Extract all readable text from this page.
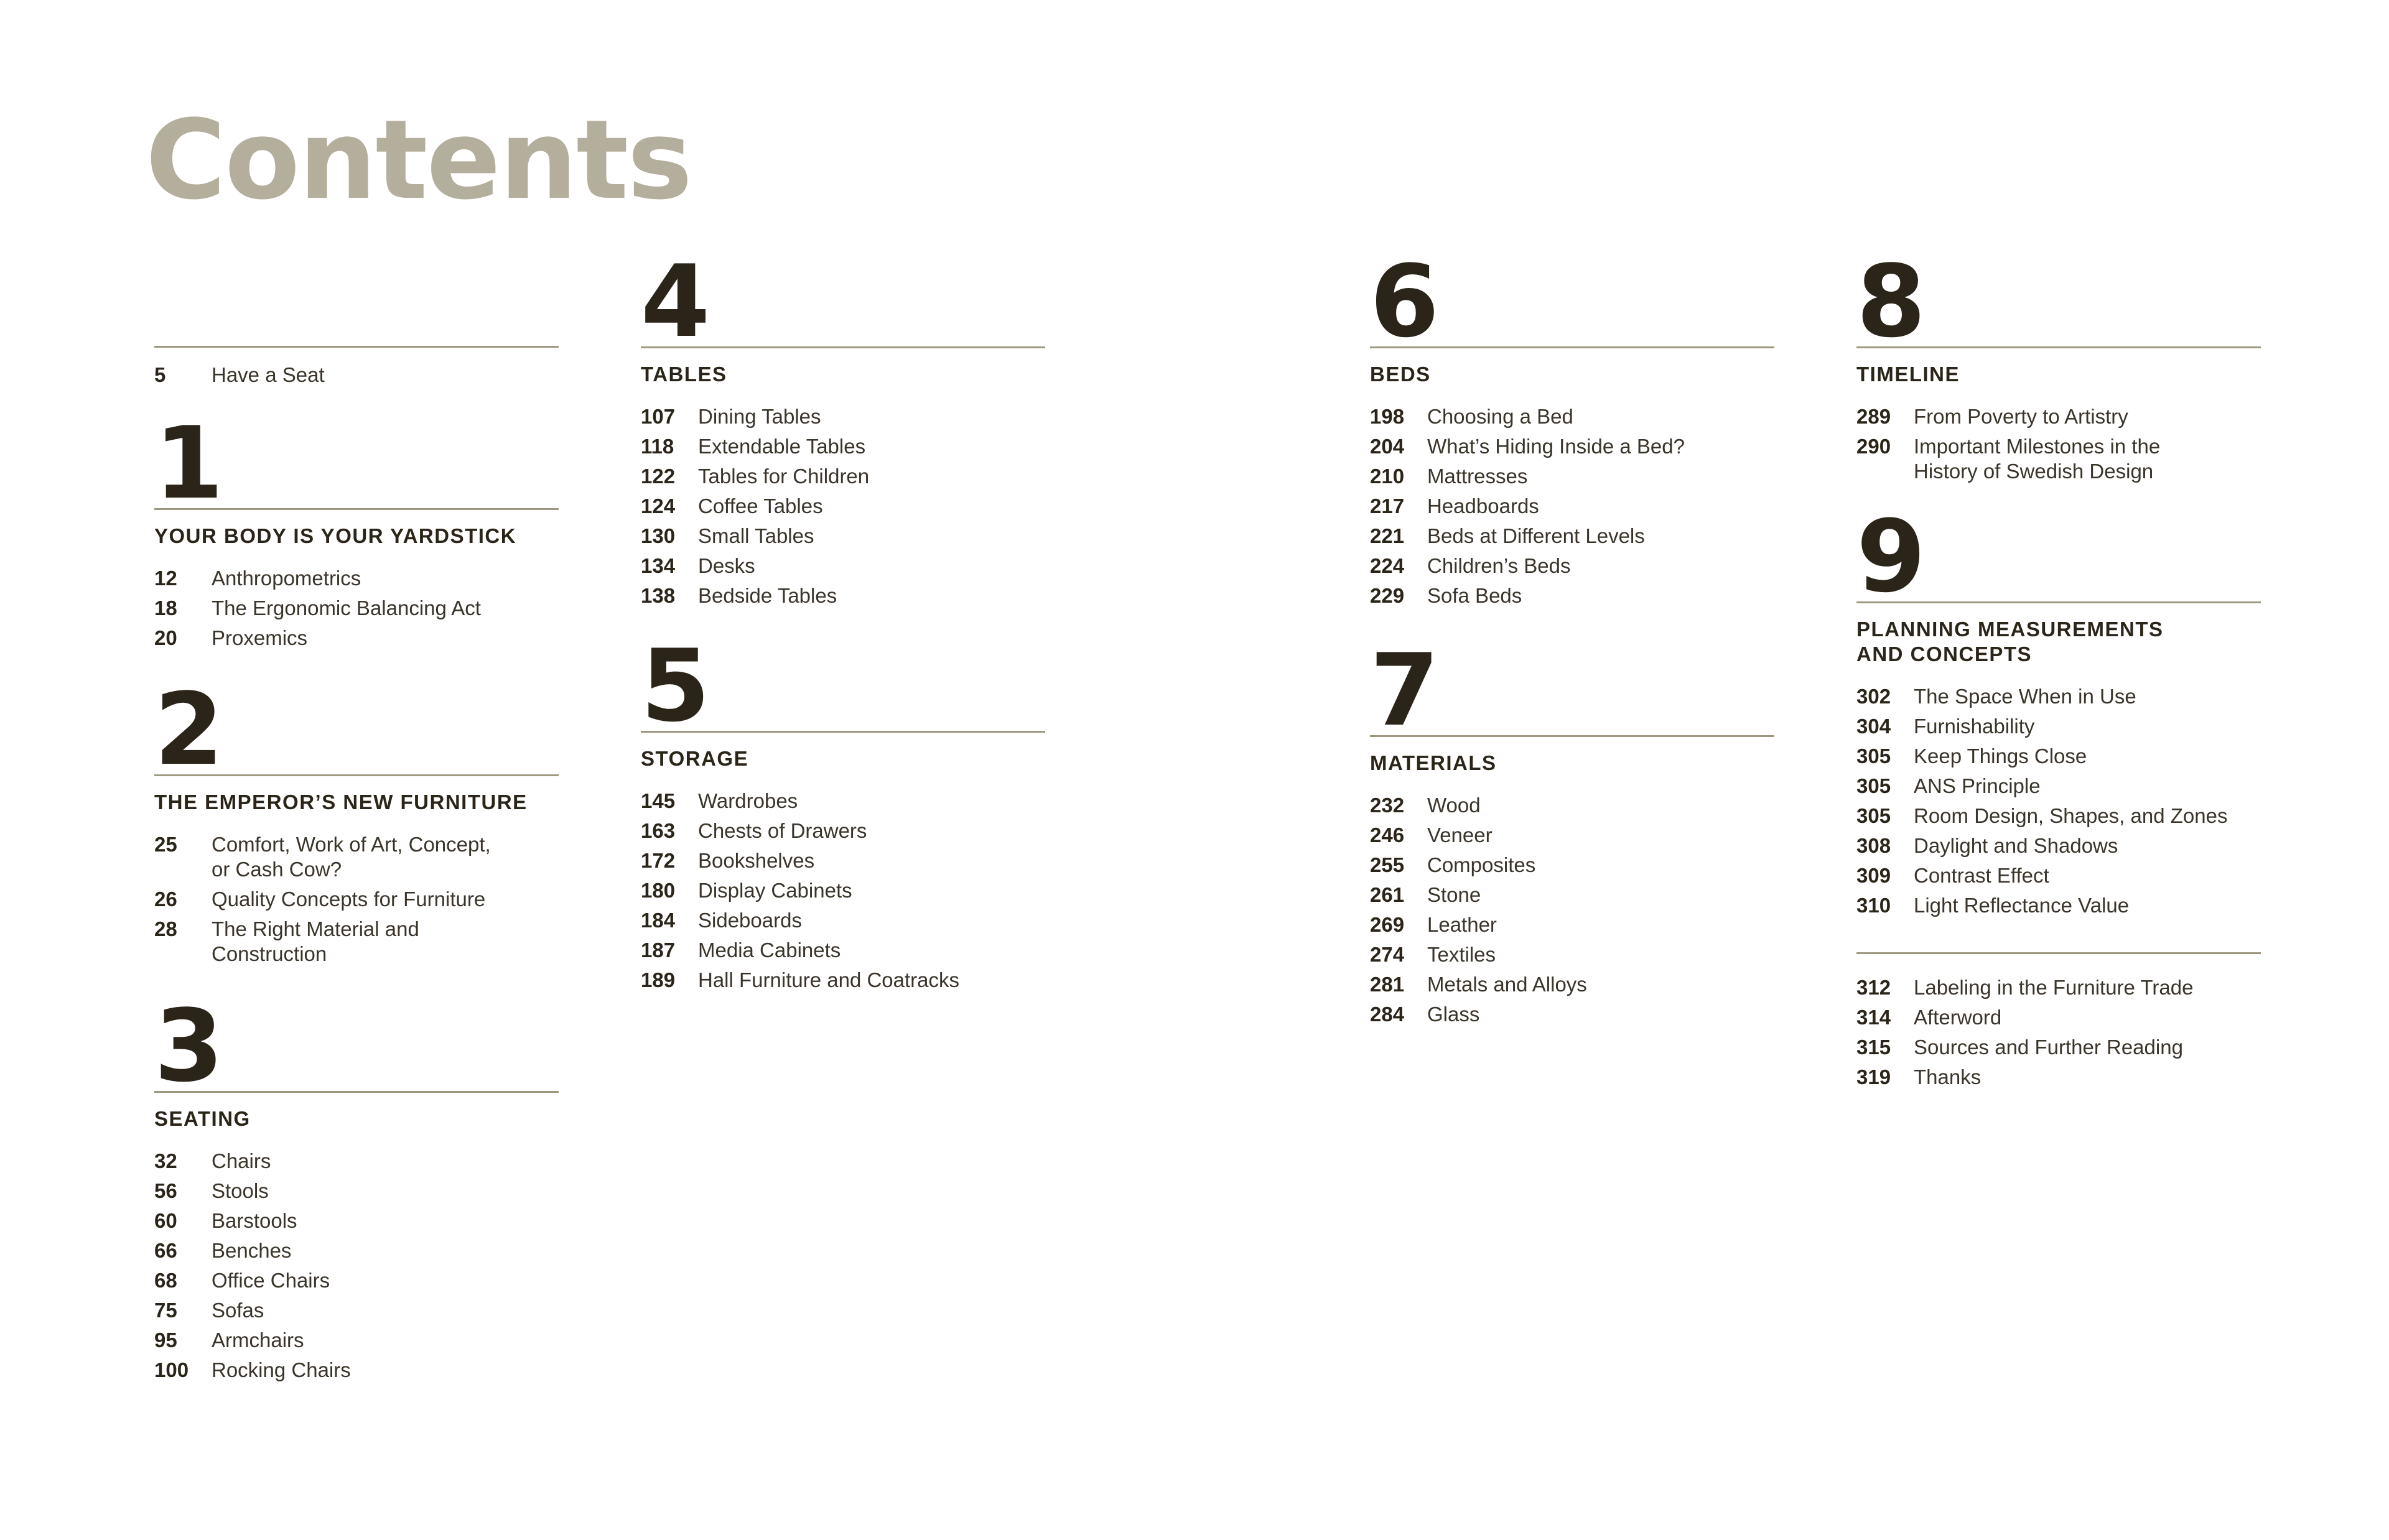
Contents
5	Have a Seat
1
YOUR BODY IS YOUR YARDSTICK
12	Anthropometrics
18	The Ergonomic Balancing Act
20	Proxemics
2
THE EMPEROR’S NEW FURNITURE
25	Comfort, Work of Art, Concept,
or Cash Cow?
26	Quality Concepts for Furniture
28	The Right Material and
Construction
3
SEATING
32	Chairs
56	Stools
60	Barstools
66	Benches
68	Office Chairs
75	Sofas
95	Armchairs
100	Rocking Chairs
4
TABLES
107	Dining Tables
118	Extendable Tables
122	Tables for Children
124	Coffee Tables
130	Small Tables
134	Desks
138	Bedside Tables
5
STORAGE
145	Wardrobes
163	Chests of Drawers
172	Bookshelves
180	Display Cabinets
184	Sideboards
187	Media Cabinets
189	Hall Furniture and Coatracks
6
BEDS
198	Choosing a Bed
204	What’s Hiding Inside a Bed?
210	Mattresses
217	Headboards
221	Beds at Different Levels
224	Children’s Beds
229	Sofa Beds
7
MATERIALS
232	Wood
246	Veneer
255	Composites
261	Stone
269	Leather
274	Textiles
281	Metals and Alloys
284	Glass
8
TIMELINE
289	From Poverty to Artistry
290	Important Milestones in the
History of Swedish Design
9
PLANNING MEASUREMENTS
AND CONCEPTS
302	The Space When in Use
304	Furnishability
305	Keep Things Close
305	ANS Principle
305	Room Design, Shapes, and Zones
308	Daylight and Shadows
309	Contrast Effect
310	Light Reflectance Value
312	Labeling in the Furniture Trade
314	Afterword
315	Sources and Further Reading
319	Thanks
